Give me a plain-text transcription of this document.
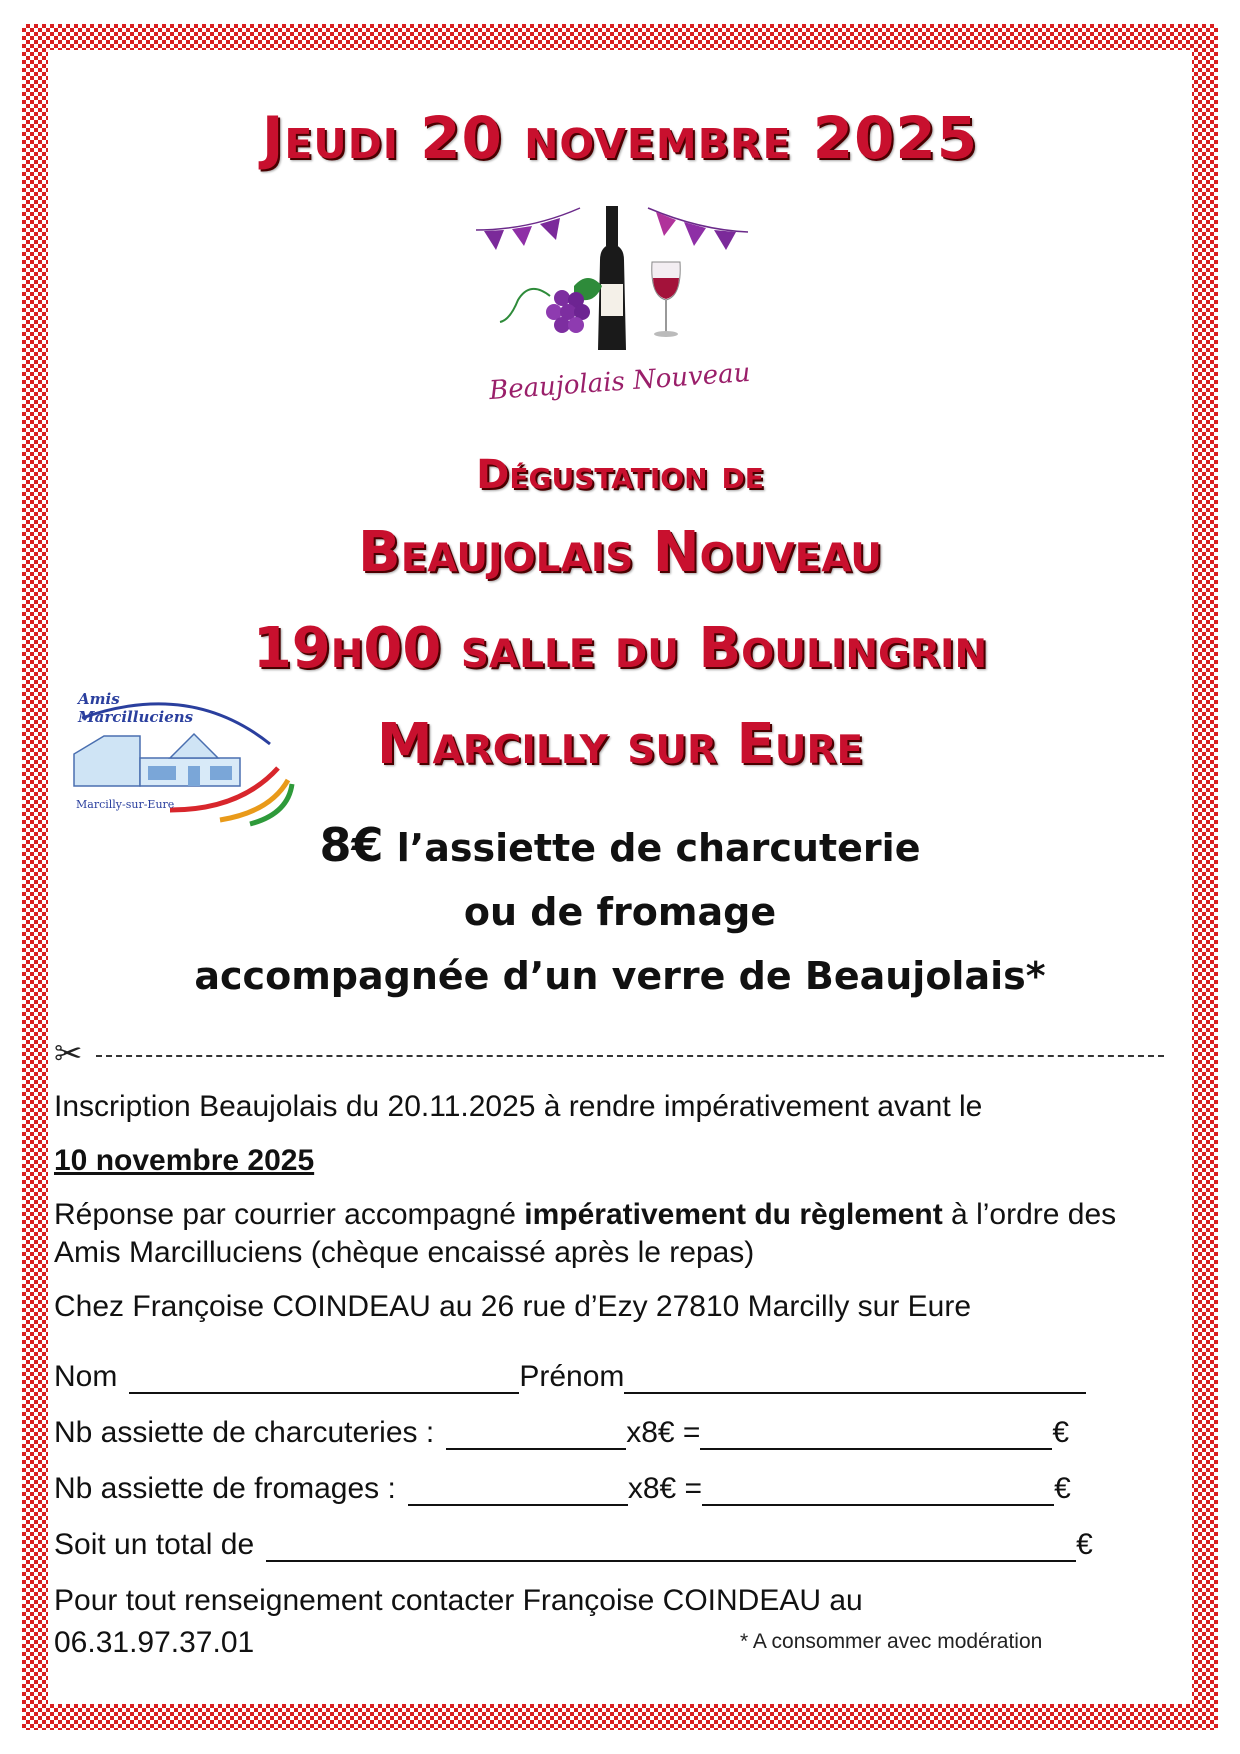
Jeudi 20 novembre 2025
Beaujolais Nouveau
Dégustation de
Beaujolais Nouveau
19h00 salle du Boulingrin
Marcilly sur Eure
Amis
Marcilluciens
Marcilly-sur-Eure

8€ l’assiette de charcuterie

ou de fromage

accompagnée d’un verre de Beaujolais*

✂

Inscription Beaujolais du 20.11.2025 à rendre impérativement avant le

10 novembre 2025

Réponse par courrier accompagné impérativement du règlement à l’ordre des Amis Marcilluciens (chèque encaissé après le repas)

Chez Françoise COINDEAU au 26 rue d’Ezy 27810 Marcilly sur Eure

Nom	Prénom
Nb assiette de charcuteries :	x8€ =	€
Nb assiette de fromages :	x8€ =	€
Soit un total de	€
Pour tout renseignement contacter Françoise COINDEAU au
06.31.97.37.01	* A consommer avec modération
